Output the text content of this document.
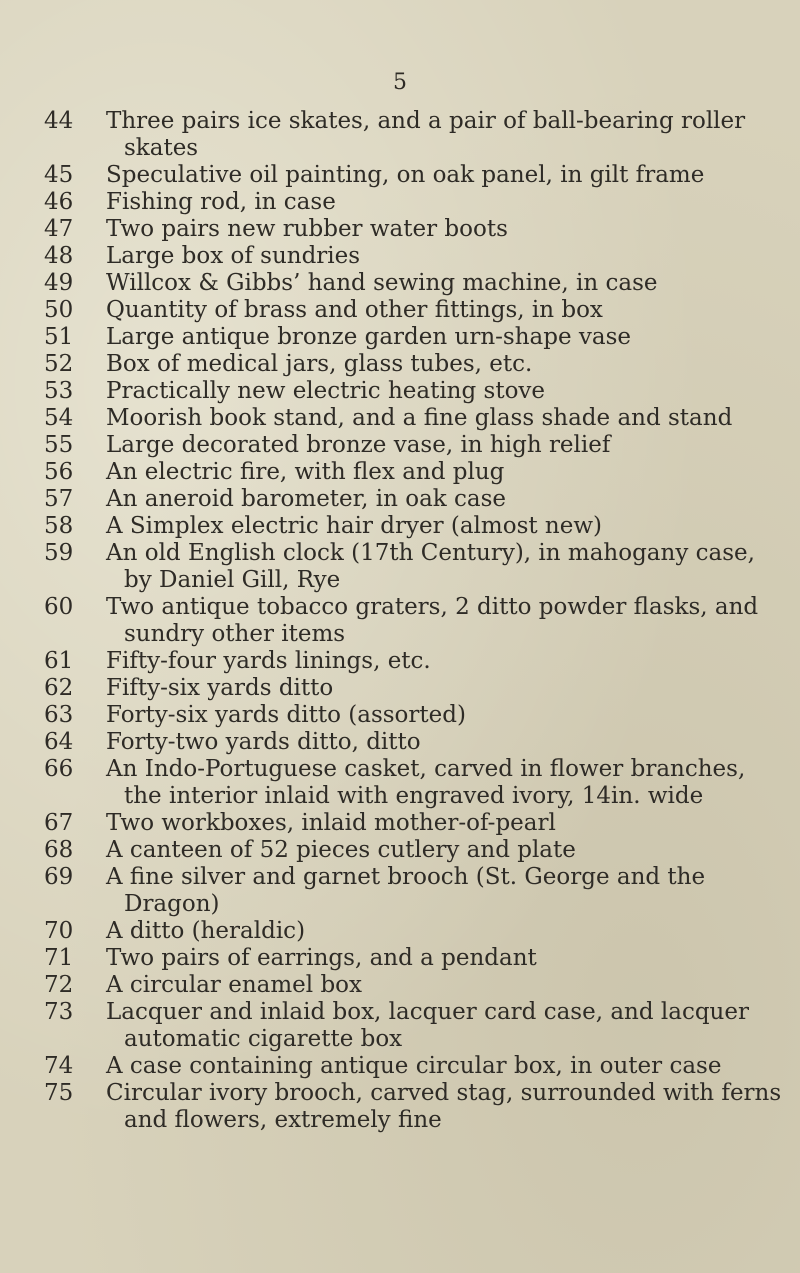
5
44	Three pairs ice skates, and a pair of ball-bearing roller skates
45	Speculative oil painting, on oak panel, in gilt frame
46	Fishing rod, in case
47	Two pairs new rubber water boots
48	Large box of sundries
49	Willcox & Gibbs’ hand sewing machine, in case
50	Quantity of brass and other fittings, in box
51	Large antique bronze garden urn-shape vase
52	Box of medical jars, glass tubes, etc.
53	Practically new electric heating stove
54	Moorish book stand, and a fine glass shade and stand
55	Large decorated bronze vase, in high relief
56	An electric fire, with flex and plug
57	An aneroid barometer, in oak case
58	A Simplex electric hair dryer (almost new)
59	An old English clock (17th Century), in mahogany case, by Daniel Gill, Rye
60	Two antique tobacco graters, 2 ditto powder flasks, and sundry other items
61	Fifty-four yards linings, etc.
62	Fifty-six yards ditto
63	Forty-six yards ditto (assorted)
64	Forty-two yards ditto, ditto
66	An Indo-Portuguese casket, carved in flower branches, the interior inlaid with engraved ivory, 14in. wide
67	Two workboxes, inlaid mother-of-pearl
68	A canteen of 52 pieces cutlery and plate
69	A fine silver and garnet brooch (St. George and the Dragon)
70	A ditto (heraldic)
71	Two pairs of earrings, and a pendant
72	A circular enamel box
73	Lacquer and inlaid box, lacquer card case, and lacquer automatic cigarette box
74	A case containing antique circular box, in outer case
75	Circular ivory brooch, carved stag, surrounded with ferns and flowers, extremely fine
